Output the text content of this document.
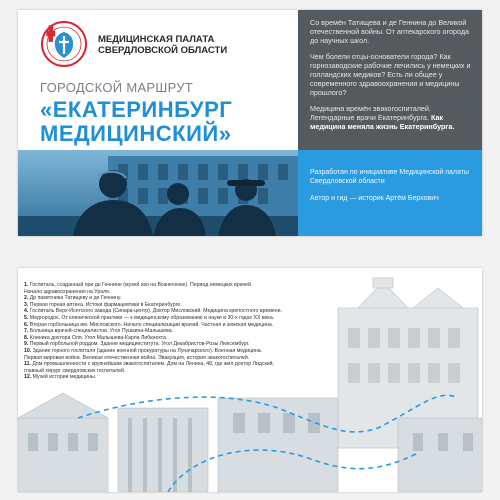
МЕДИЦИНСКАЯ ПАЛАТА
СВЕРДЛОВСКОЙ ОБЛАСТИ
ГОРОДСКОЙ МАРШРУТ
«ЕКАТЕРИНБУРГ
МЕДИЦИНСКИЙ»

Со времён Татищева и де Геннина до Великой отечественной войны. От аптекарского огорода до научных школ.

Чем болели отцы-основатели города? Как горнозаводские рабочие лечились у немецких и голландских медиков? Есть ли общее у современного здравоохранения и медицины прошлого?

Медицина времён эвакогоспиталей. Легендарные врачи Екатеринбурга. Как медицина меняла жизнь Екатеринбурга.

Разработан по инициативе Медицинской палаты Свердловской области

Автор и гид — историк Артём Берхович

1. Госпиталь, созданный при де Геннине (музей изо на Вознесенке). Период немецких врачей.
Начало здравоохранения на Урале.
2. Др памятника Татищеву и де Геннину.
3. Первая горная аптека. Истоки фармацевтики в Екатеринбурге.
4. Госпиталь Верх-Исетского завода (Синара-центр). Доктор Мисловский. Медицина крепостного времени.
5. Медгородок. От клинической практики — к медицинскому образованию и науке в 30-х годах XX века.
6. Вторая горбольница им. Мисловского. Начало специализации врачей. Частная и земская медицина.
7. Больница врачей-специалистов. Угол Пушкина-Малышева.
8. Клиника доктора Оля. Угол Малышева-Карла Либкнехта.
9. Первый горбольной роддом. Здание медицинститута. Угол Декабристов-Розы Люксембург.
10. Здание горного госпиталя (здание военной прокуратуры на Луначарского). Военная медицина.
Первая мировая война. Великая отечественная война. Эвакуация, история эвакогоспиталей.
11. Дом промышленности с крупнейшим эвакогоспиталем. Дом на Ленина, 48, где жил доктор Лидский,
главный хирург свердловских госпиталей.
12. Музей истории медицины.
